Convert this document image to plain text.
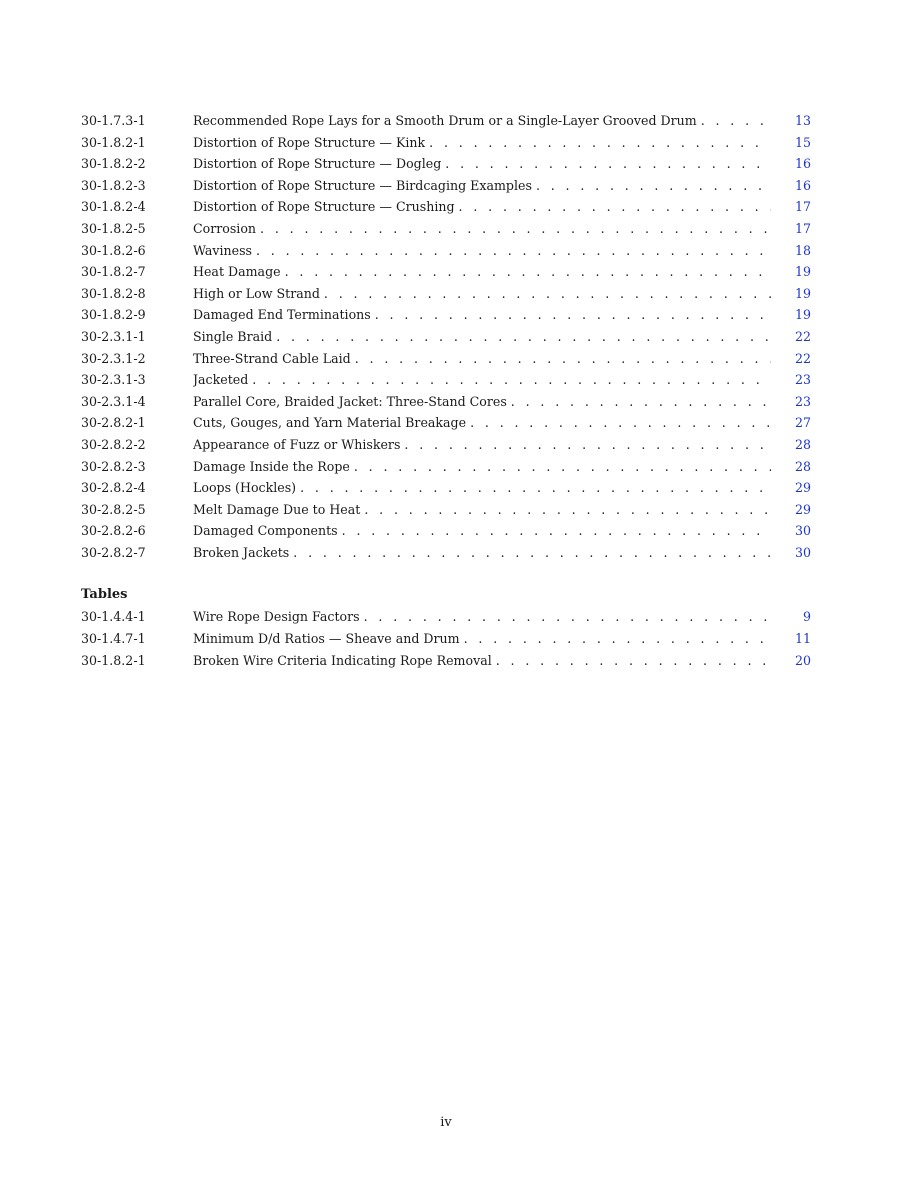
30-1.7.3-1	Recommended Rope Lays for a Smooth Drum or a Single-Layer Grooved Drum . . .	13
30-1.8.2-1	Distortion of Rope Structure — Kink . . .	15
30-1.8.2-2	Distortion of Rope Structure — Dogleg . . .	16
30-1.8.2-3	Distortion of Rope Structure — Birdcaging Examples . . .	16
30-1.8.2-4	Distortion of Rope Structure — Crushing . . .	17
30-1.8.2-5	Corrosion . . .	17
30-1.8.2-6	Waviness . . .	18
30-1.8.2-7	Heat Damage . . .	19
30-1.8.2-8	High or Low Strand . . .	19
30-1.8.2-9	Damaged End Terminations . . .	19
30-2.3.1-1	Single Braid . . .	22
30-2.3.1-2	Three-Strand Cable Laid . . .	22
30-2.3.1-3	Jacketed . . .	23
30-2.3.1-4	Parallel Core, Braided Jacket: Three-Stand Cores . . .	23
30-2.8.2-1	Cuts, Gouges, and Yarn Material Breakage . . .	27
30-2.8.2-2	Appearance of Fuzz or Whiskers . . .	28
30-2.8.2-3	Damage Inside the Rope . . .	28
30-2.8.2-4	Loops (Hockles) . . .	29
30-2.8.2-5	Melt Damage Due to Heat . . .	29
30-2.8.2-6	Damaged Components . . .	30
30-2.8.2-7	Broken Jackets . . .	30
Tables
30-1.4.4-1	Wire Rope Design Factors . . .	9
30-1.4.7-1	Minimum D/d Ratios — Sheave and Drum . . .	11
30-1.8.2-1	Broken Wire Criteria Indicating Rope Removal . . .	20
iv
